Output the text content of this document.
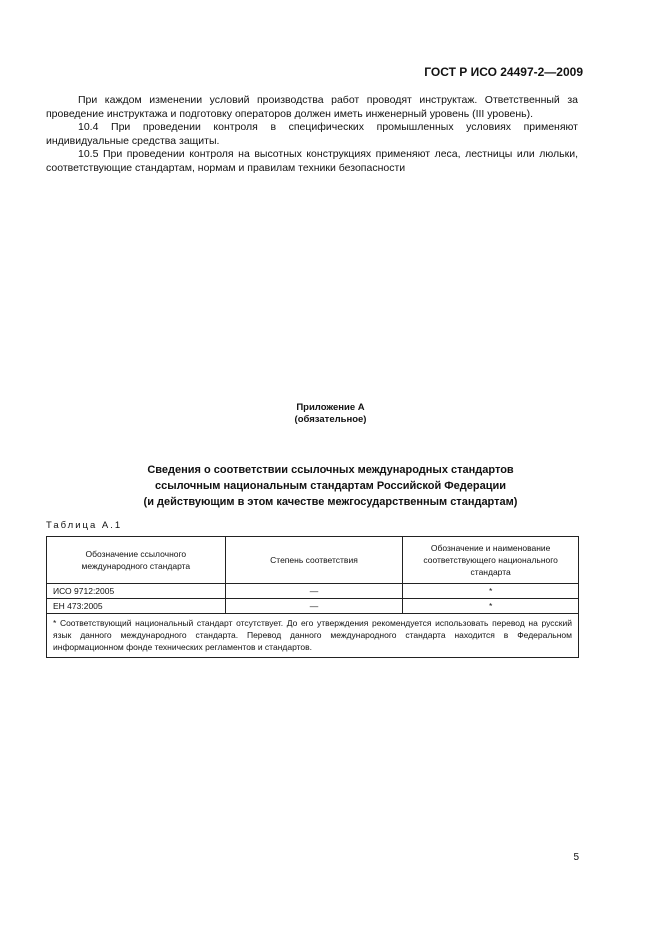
ГОСТ Р ИСО 24497-2—2009

При каждом изменении условий производства работ проводят инструктаж. Ответственный за проведение инструктажа и подготовку операторов должен иметь инженерный уровень (III уровень).

10.4 При проведении контроля в специфических промышленных условиях применяют индивидуальные средства защиты.

10.5 При проведении контроля на высотных конструкциях применяют леса, лестницы или люльки, соответствующие стандартам, нормам и правилам техники безопасности

Приложение А
(обязательное)
Сведения о соответствии ссылочных международных стандартов
ссылочным национальным стандартам Российской Федерации
(и действующим в этом качестве межгосударственным стандартам)
Таблица А.1
Обозначение ссылочного международного стандарта	Степень соответствия	Обозначение и наименование соответствующего национального стандарта
ИСО 9712:2005	—	*
ЕН 473:2005	—	*
* Соответствующий национальный стандарт отсутствует. До его утверждения рекомендуется использовать перевод на русский язык данного международного стандарта. Перевод данного международного стандарта находится в Федеральном информационном фонде технических регламентов и стандартов.		
5
